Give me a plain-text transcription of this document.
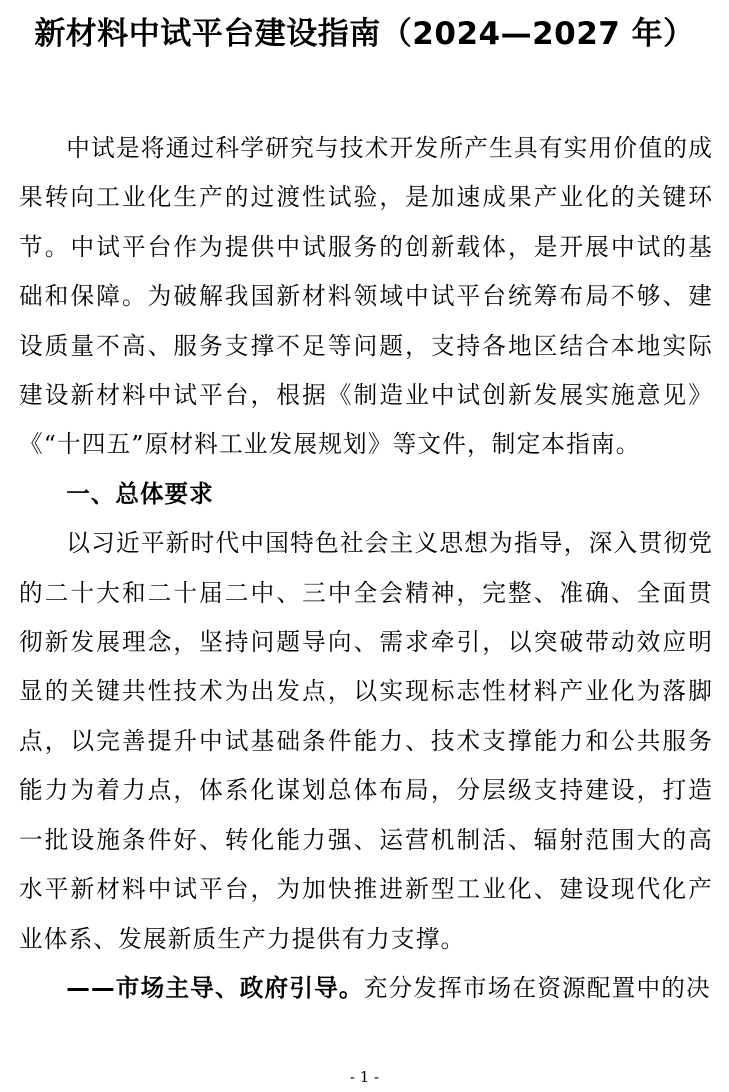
新材料中试平台建设指南（2024—2027 年）

中试是将通过科学研究与技术开发所产生具有实用价值的成果转向工业化生产的过渡性试验，是加速成果产业化的关键环节。中试平台作为提供中试服务的创新载体，是开展中试的基础和保障。为破解我国新材料领域中试平台统筹布局不够、建设质量不高、服务支撑不足等问题，支持各地区结合本地实际建设新材料中试平台，根据《制造业中试创新发展实施意见》《“十四五”原材料工业发展规划》等文件，制定本指南。

一、总体要求

以习近平新时代中国特色社会主义思想为指导，深入贯彻党的二十大和二十届二中、三中全会精神，完整、准确、全面贯彻新发展理念，坚持问题导向、需求牵引，以突破带动效应明显的关键共性技术为出发点，以实现标志性材料产业化为落脚点，以完善提升中试基础条件能力、技术支撑能力和公共服务能力为着力点，体系化谋划总体布局，分层级支持建设，打造一批设施条件好、转化能力强、运营机制活、辐射范围大的高水平新材料中试平台，为加快推进新型工业化、建设现代化产业体系、发展新质生产力提供有力支撑。

——市场主导、政府引导。充分发挥市场在资源配置中的决

- 1 -
